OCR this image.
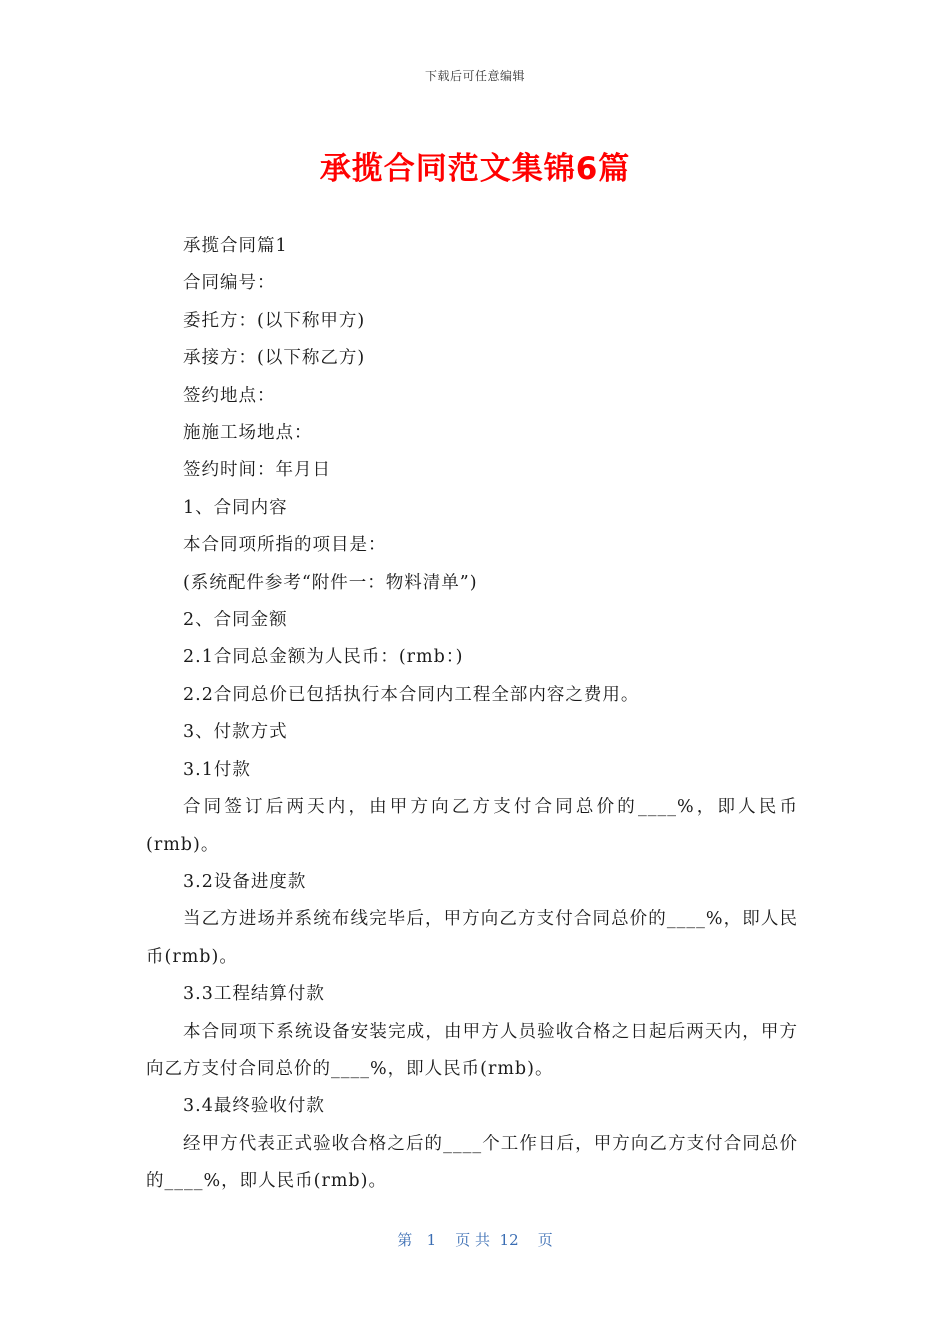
下载后可任意编辑
承揽合同范文集锦6篇

承揽合同篇1

合同编号：

委托方：(以下称甲方)

承接方：(以下称乙方)

签约地点：

施施工场地点：

签约时间：年月日

1、合同内容

本合同项所指的项目是：

(系统配件参考“附件一：物料清单”)

2、合同金额

2.1合同总金额为人民币：(rmb：)

2.2合同总价已包括执行本合同内工程全部内容之费用。

3、付款方式

3.1付款

合同签订后两天内，由甲方向乙方支付合同总价的____%，即人民币(rmb)。

3.2设备进度款

当乙方进场并系统布线完毕后，甲方向乙方支付合同总价的____%，即人民币(rmb)。

3.3工程结算付款

本合同项下系统设备安装完成，由甲方人员验收合格之日起后两天内，甲方向乙方支付合同总价的____%，即人民币(rmb)。

3.4最终验收付款

经甲方代表正式验收合格之后的____个工作日后，甲方向乙方支付合同总价的____%，即人民币(rmb)。

第 1 页 共 12 页
